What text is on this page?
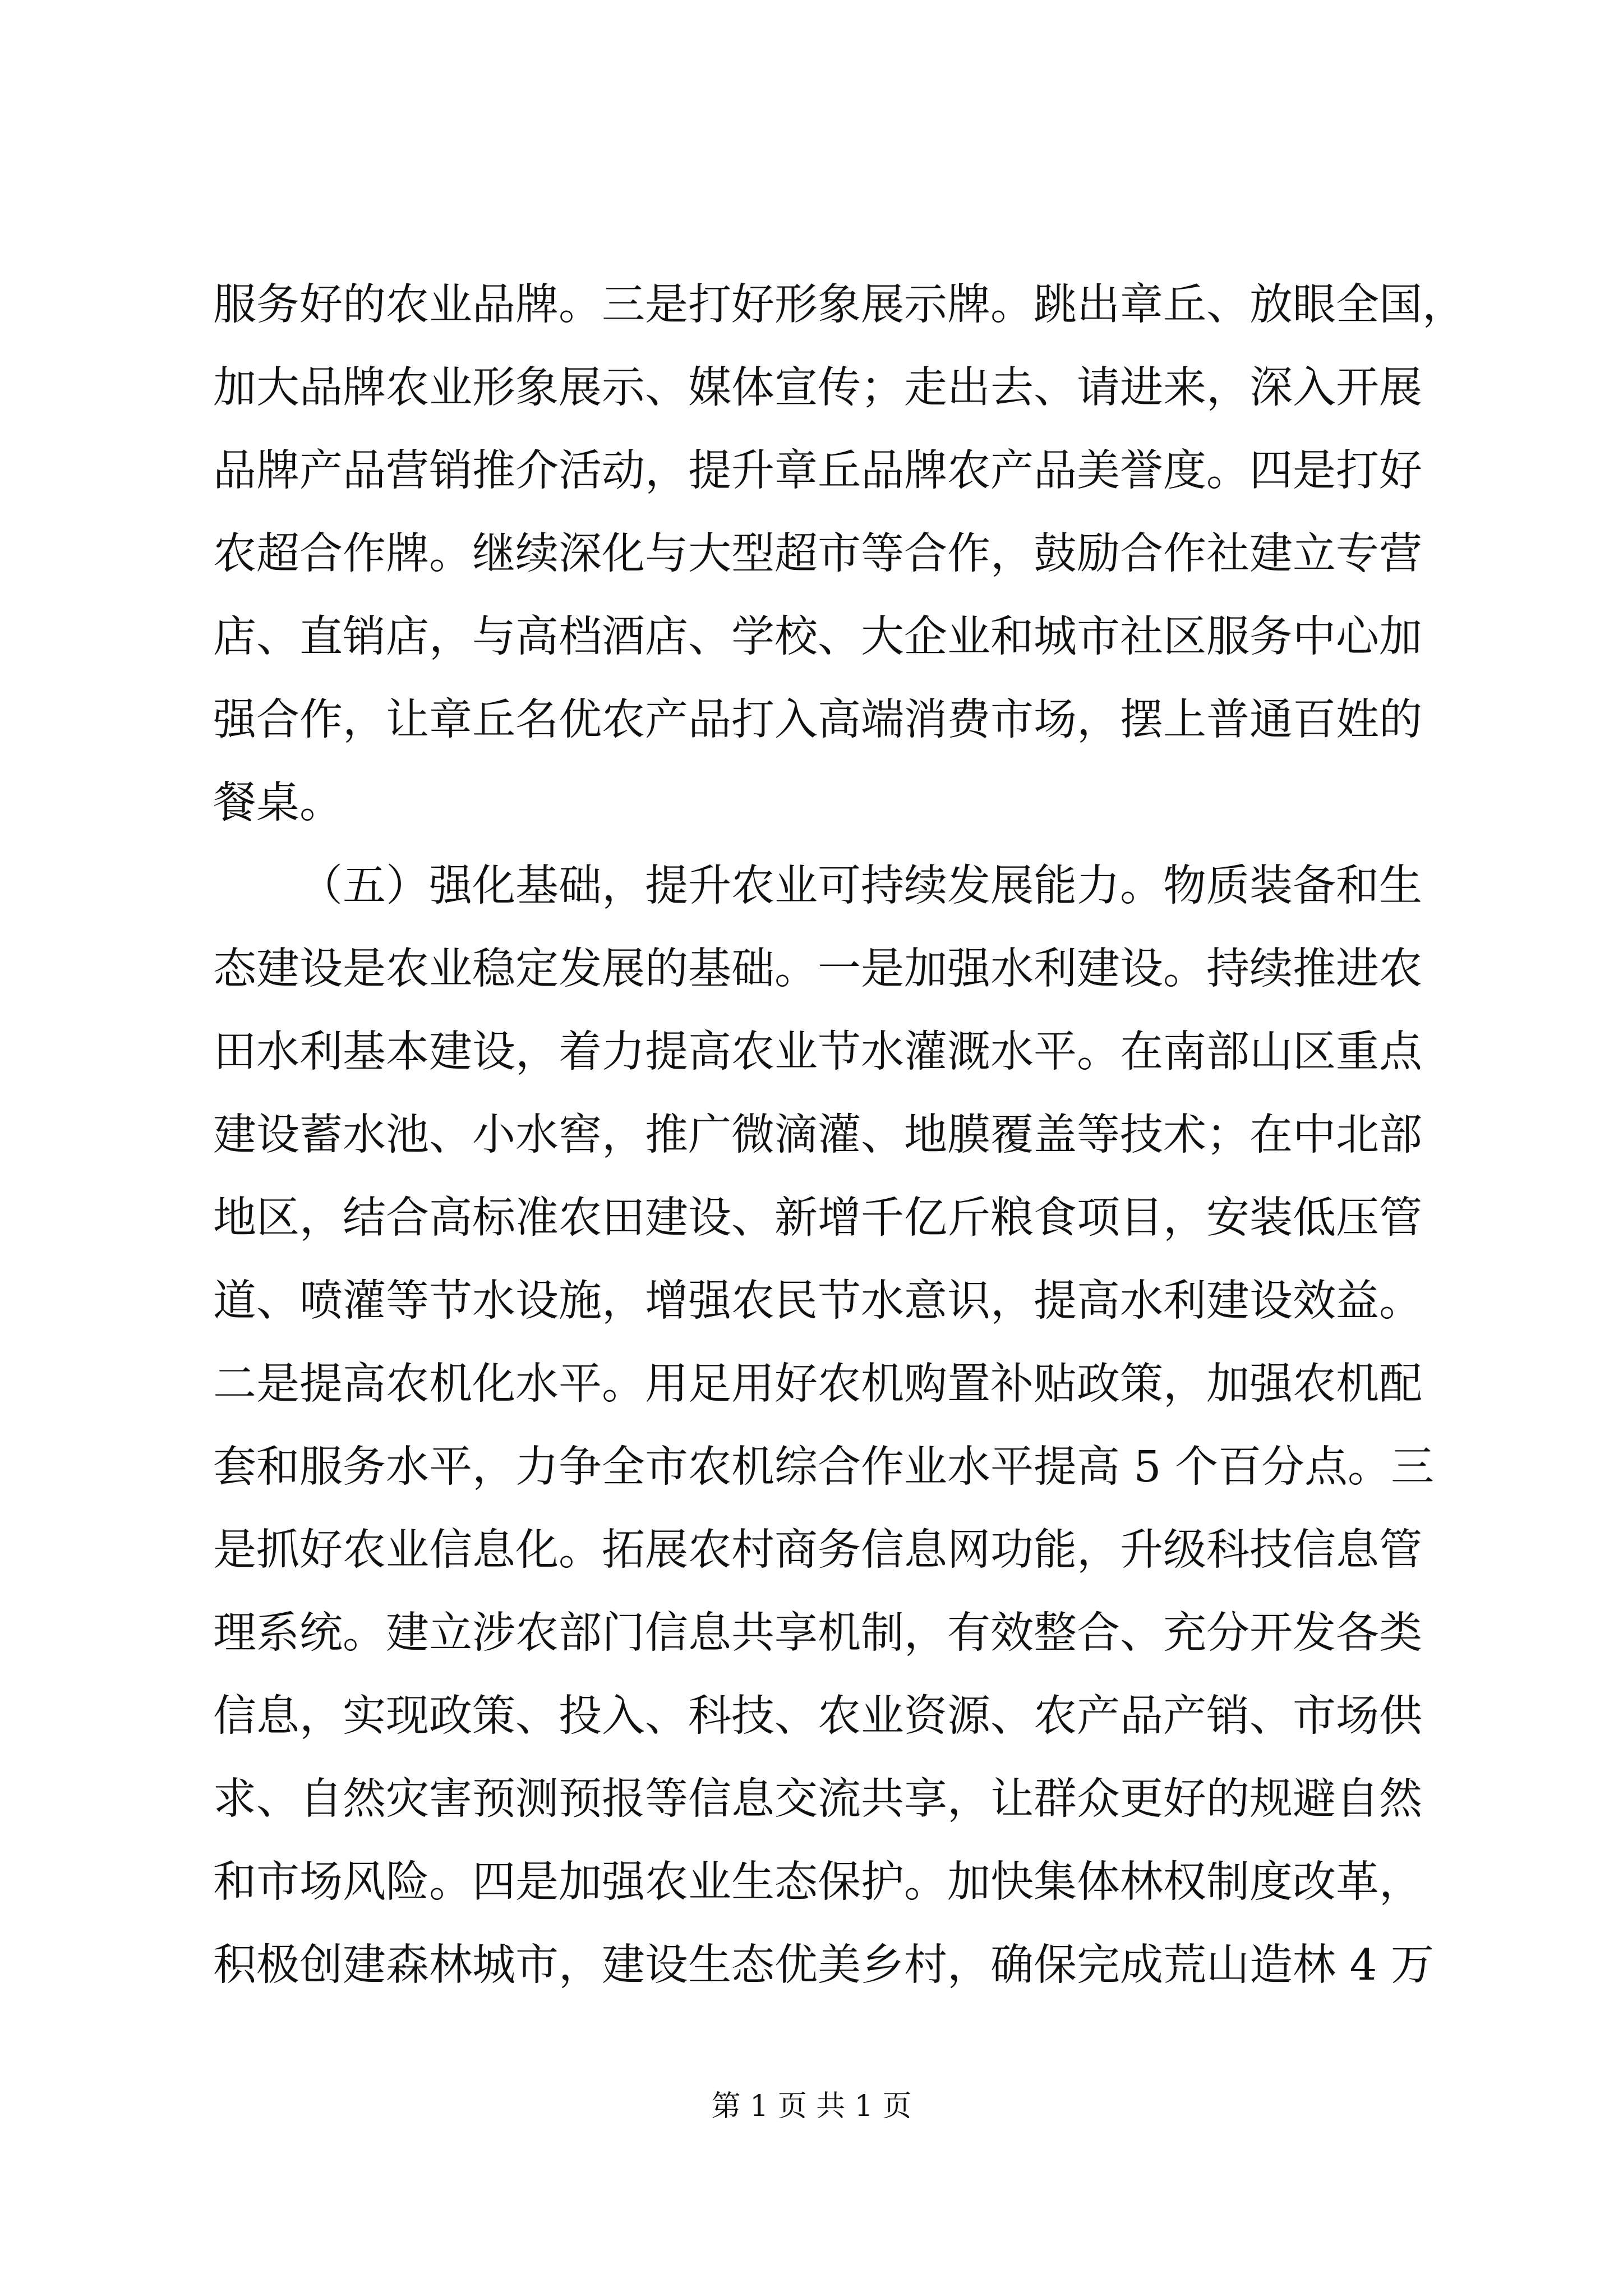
服务好的农业品牌。三是打好形象展示牌。跳出章丘、放眼全国，
加大品牌农业形象展示、媒体宣传；走出去、请进来，深入开展
品牌产品营销推介活动，提升章丘品牌农产品美誉度。四是打好
农超合作牌。继续深化与大型超市等合作，鼓励合作社建立专营
店、直销店，与高档酒店、学校、大企业和城市社区服务中心加
强合作，让章丘名优农产品打入高端消费市场，摆上普通百姓的
餐桌。
（五）强化基础，提升农业可持续发展能力。物质装备和生
态建设是农业稳定发展的基础。一是加强水利建设。持续推进农
田水利基本建设，着力提高农业节水灌溉水平。在南部山区重点
建设蓄水池、小水窖，推广微滴灌、地膜覆盖等技术；在中北部
地区，结合高标准农田建设、新增千亿斤粮食项目，安装低压管
道、喷灌等节水设施，增强农民节水意识，提高水利建设效益。
二是提高农机化水平。用足用好农机购置补贴政策，加强农机配
套和服务水平，力争全市农机综合作业水平提高 5 个百分点。三
是抓好农业信息化。拓展农村商务信息网功能，升级科技信息管
理系统。建立涉农部门信息共享机制，有效整合、充分开发各类
信息，实现政策、投入、科技、农业资源、农产品产销、市场供
求、自然灾害预测预报等信息交流共享，让群众更好的规避自然
和市场风险。四是加强农业生态保护。加快集体林权制度改革，
积极创建森林城市，建设生态优美乡村，确保完成荒山造林 4 万
第 1 页 共 1 页
